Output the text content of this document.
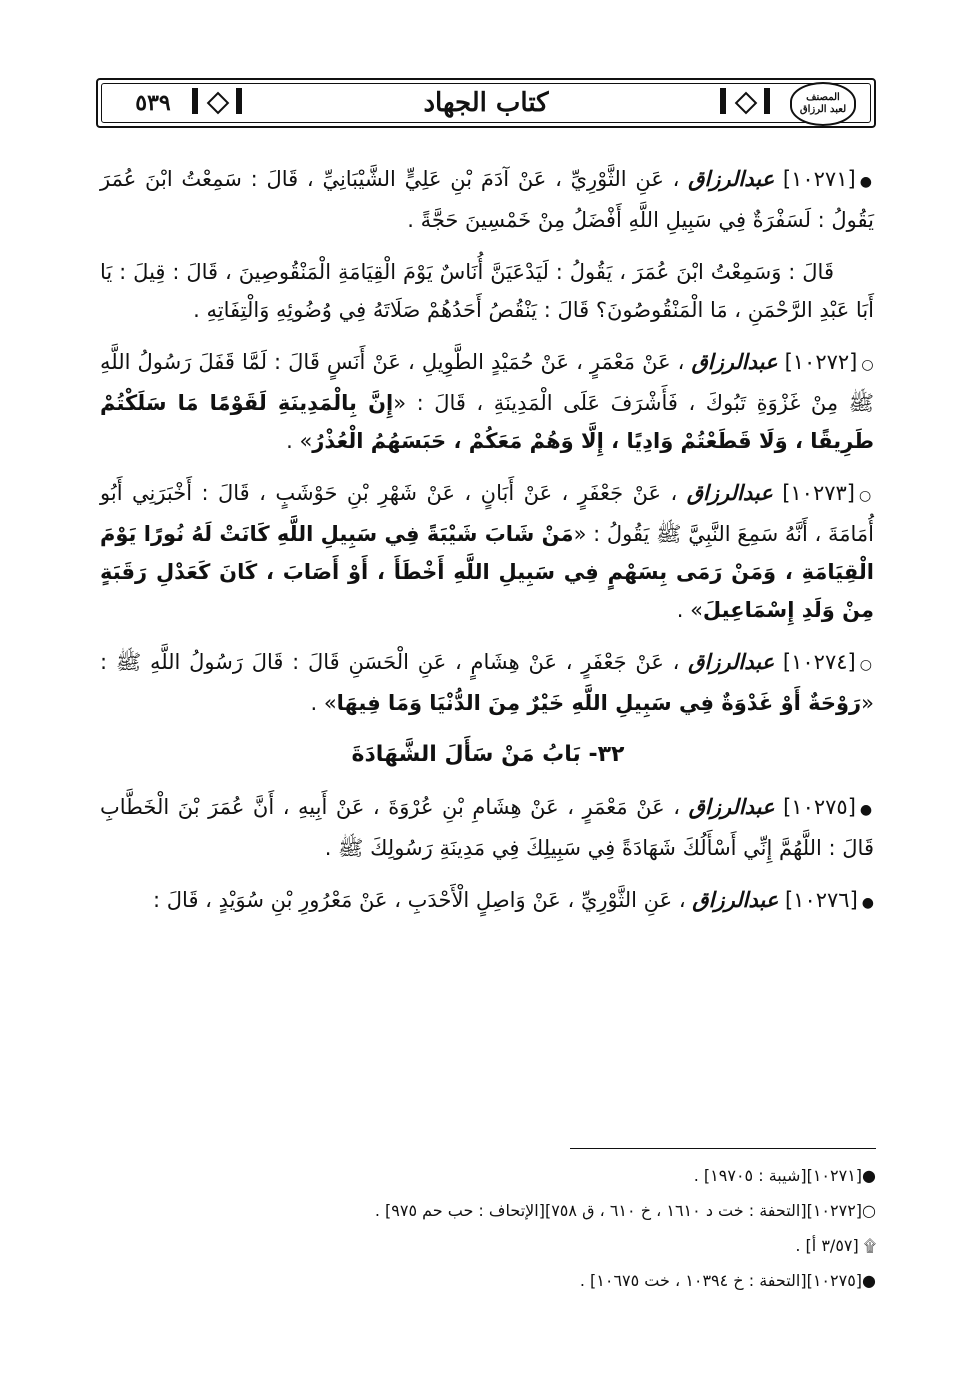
٥٣٩	كتاب الجهاد	المصنف
لعبد الرزاق

●[١٠٢٧١] عبدالرزاق ، عَنِ الثَّوْرِيِّ ، عَنْ آدَمَ بْنِ عَلِيٍّ الشَّيْبَانِيِّ ، قَالَ : سَمِعْتُ ابْنَ عُمَرَ يَقُولُ : لَسَفْرَةٌ فِي سَبِيلِ اللَّهِ أَفْضَلُ مِنْ خَمْسِينَ حَجَّةً .

قَالَ : وَسَمِعْتُ ابْنَ عُمَرَ ، يَقُولُ : لَيَدْعَيَنَّ أُنَاسٌ يَوْمَ الْقِيَامَةِ الْمَنْقُوصِينَ ، قَالَ : قِيلَ : يَا أَبَا عَبْدِ الرَّحْمَنِ ، مَا الْمَنْقُوصُونَ؟ قَالَ : يَنْقُصُ أَحَدُهُمْ صَلَاتَهُ فِي وُضُوئِهِ وَالْتِفَاتِهِ .

○[١٠٢٧٢] عبدالرزاق ، عَنْ مَعْمَرٍ ، عَنْ حُمَيْدٍ الطَّوِيلِ ، عَنْ أَنَسٍ قَالَ : لَمَّا قَفَلَ رَسُولُ اللَّهِ ﷺ مِنْ غَزْوَةِ تَبُوكَ ، فَأَشْرَفَ عَلَى الْمَدِينَةِ ، قَالَ : «إِنَّ بِالْمَدِينَةِ لَقَوْمًا مَا سَلَكْتُمْ طَرِيقًا ، وَلَا قَطَعْتُمْ وَادِيًا ، إِلَّا وَهُمْ مَعَكُمْ ، حَبَسَهُمُ الْعُذْرُ» .

○[١٠٢٧٣] عبدالرزاق ، عَنْ جَعْفَرٍ ، عَنْ أَبَانٍ ، عَنْ شَهْرِ بْنِ حَوْشَبٍ ، قَالَ : أَخْبَرَنِي أَبُو أُمَامَةَ ، أَنَّهُ سَمِعَ النَّبِيَّ ﷺ يَقُولُ : «مَنْ شَابَ شَيْبَةً فِي سَبِيلِ اللَّهِ كَانَتْ لَهُ نُورًا يَوْمَ الْقِيَامَةِ ، وَمَنْ رَمَى بِسَهْمٍ فِي سَبِيلِ اللَّهِ أَخْطَأَ ، أَوْ أَصَابَ ، كَانَ كَعَدْلِ رَقَبَةٍ مِنْ وَلَدِ إِسْمَاعِيلَ» .

○[١٠٢٧٤] عبدالرزاق ، عَنْ جَعْفَرٍ ، عَنْ هِشَامٍ ، عَنِ الْحَسَنِ قَالَ : قَالَ رَسُولُ اللَّهِ ﷺ : «رَوْحَةٌ أَوْ غَدْوَةٌ فِي سَبِيلِ اللَّهِ خَيْرٌ مِنَ الدُّنْيَا وَمَا فِيهَا» .

٣٢- بَابُ مَنْ سَأَلَ الشَّهَادَةَ

●[١٠٢٧٥] عبدالرزاق ، عَنْ مَعْمَرٍ ، عَنْ هِشَامِ بْنِ عُرْوَةَ ، عَنْ أَبِيهِ ، أَنَّ عُمَرَ بْنَ الْخَطَّابِ قَالَ : اللَّهُمَّ إِنِّي أَسْأَلُكَ شَهَادَةً فِي سَبِيلِكَ فِي مَدِينَةِ رَسُولِكَ ﷺ .

●[١٠٢٧٦] عبدالرزاق ، عَنِ الثَّوْرِيِّ ، عَنْ وَاصِلٍ الْأَحْدَبِ ، عَنْ مَعْرُورِ بْنِ سُوَيْدٍ ، قَالَ :

●[١٠٢٧١][شيبة : ١٩٧٠٥] .

○[١٠٢٧٢][التحفة : خت د ١٦١٠ ، خ ٦١٠ ، ق ٧٥٨][الإتحاف : حب حم ٩٧٥] .

۩ [٣/٥٧ أ] .

●[١٠٢٧٥][التحفة : خ ١٠٣٩٤ ، خت ١٠٦٧٥] .
